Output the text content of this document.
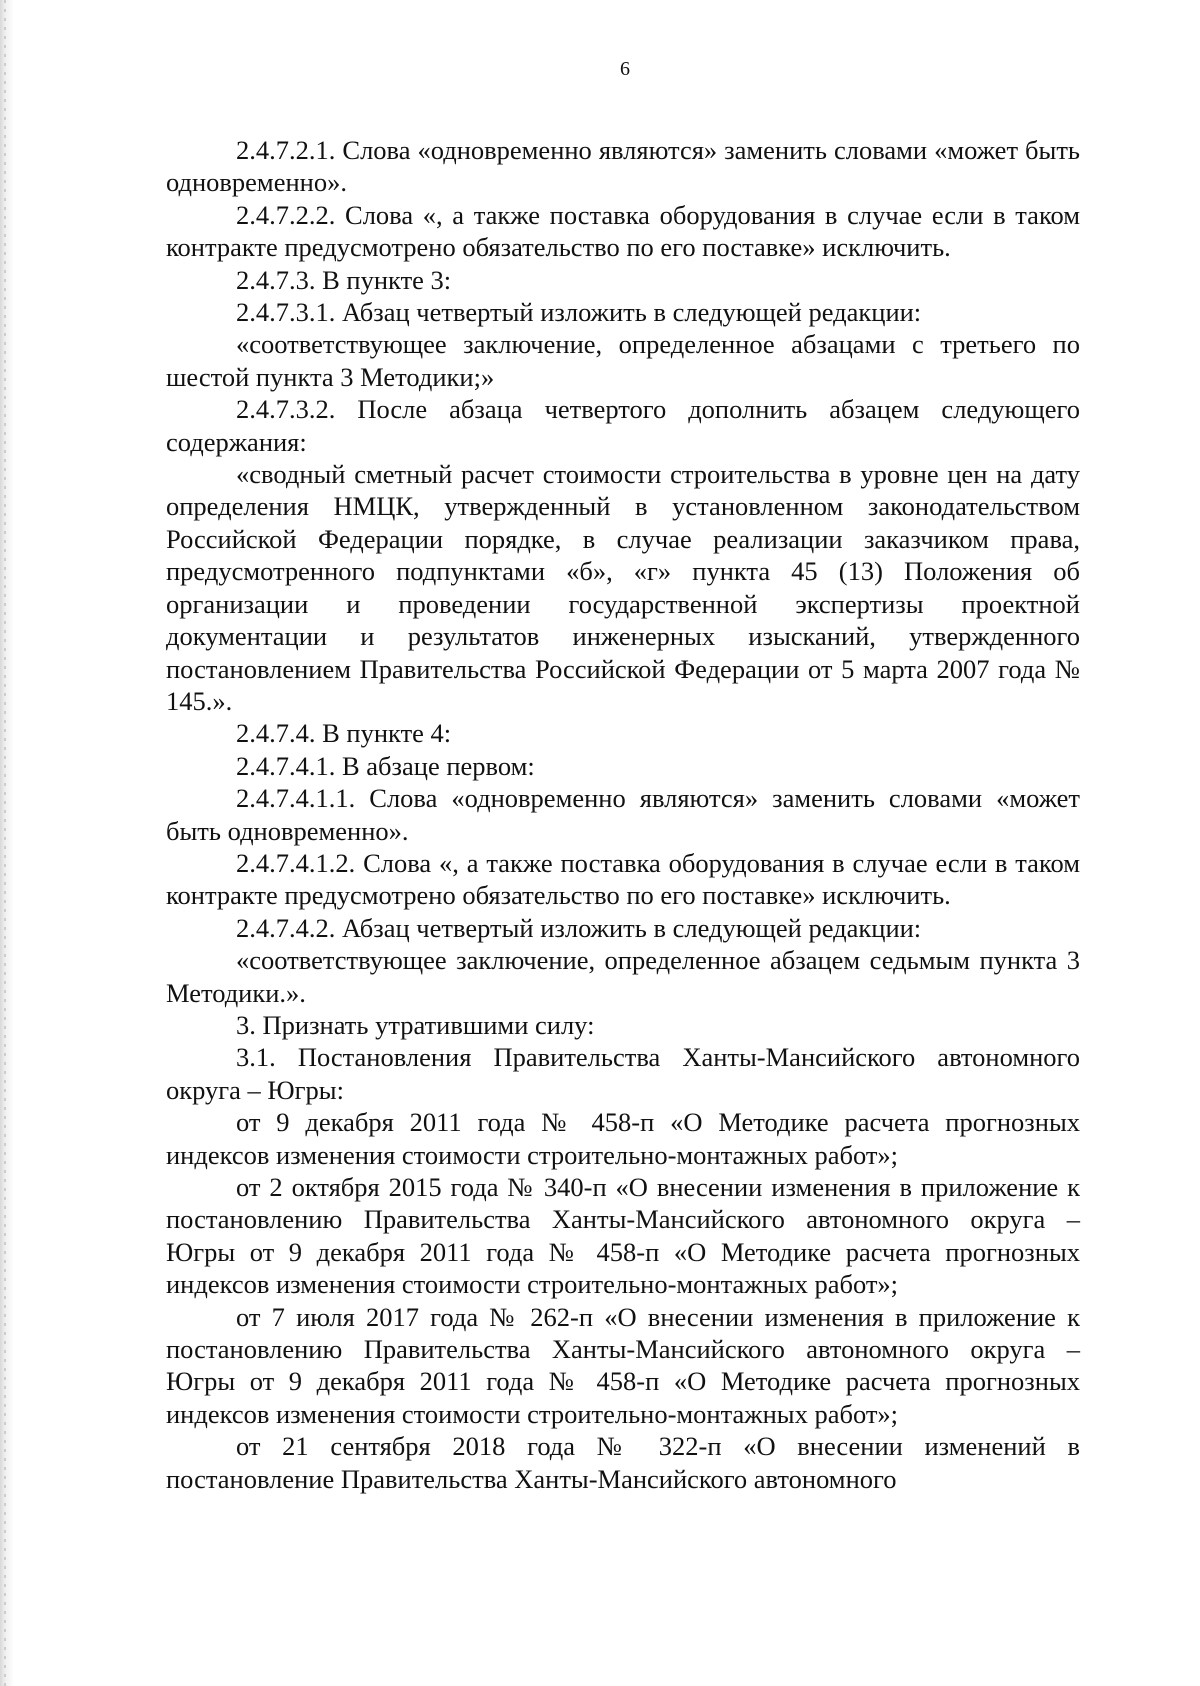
6

2.4.7.2.1. Слова «одновременно являются» заменить словами «может быть одновременно».

2.4.7.2.2. Слова «, а также поставка оборудования в случае если в таком контракте предусмотрено обязательство по его поставке» исключить.

2.4.7.3. В пункте 3:

2.4.7.3.1. Абзац четвертый изложить в следующей редакции:

«соответствующее заключение, определенное абзацами с третьего по шестой пункта 3 Методики;»

2.4.7.3.2. После абзаца четвертого дополнить абзацем следующего содержания:

«сводный сметный расчет стоимости строительства в уровне цен на дату определения НМЦК, утвержденный в установленном законодательством Российской Федерации порядке, в случае реализации заказчиком права, предусмотренного подпунктами «б», «г» пункта 45 (13) Положения об организации и проведении государственной экспертизы проектной документации и результатов инженерных изысканий, утвержденного постановлением Правительства Российской Федерации от 5 марта 2007 года № 145.».

2.4.7.4. В пункте 4:

2.4.7.4.1. В абзаце первом:

2.4.7.4.1.1. Слова «одновременно являются» заменить словами «может быть одновременно».

2.4.7.4.1.2. Слова «, а также поставка оборудования в случае если в таком контракте предусмотрено обязательство по его поставке» исключить.

2.4.7.4.2. Абзац четвертый изложить в следующей редакции:

«соответствующее заключение, определенное абзацем седьмым пункта 3 Методики.».

3. Признать утратившими силу:

3.1. Постановления Правительства Ханты-Мансийского автономного округа – Югры:

от 9 декабря 2011 года № 458-п «О Методике расчета прогнозных индексов изменения стоимости строительно-монтажных работ»;

от 2 октября 2015 года № 340-п «О внесении изменения в приложение к постановлению Правительства Ханты-Мансийского автономного округа – Югры от 9 декабря 2011 года № 458-п «О Методике расчета прогнозных индексов изменения стоимости строительно-монтажных работ»;

от 7 июля 2017 года № 262-п «О внесении изменения в приложение к постановлению Правительства Ханты-Мансийского автономного округа – Югры от 9 декабря 2011 года № 458-п «О Методике расчета прогнозных индексов изменения стоимости строительно-монтажных работ»;

от 21 сентября 2018 года № 322-п «О внесении изменений в постановление Правительства Ханты-Мансийского автономного
